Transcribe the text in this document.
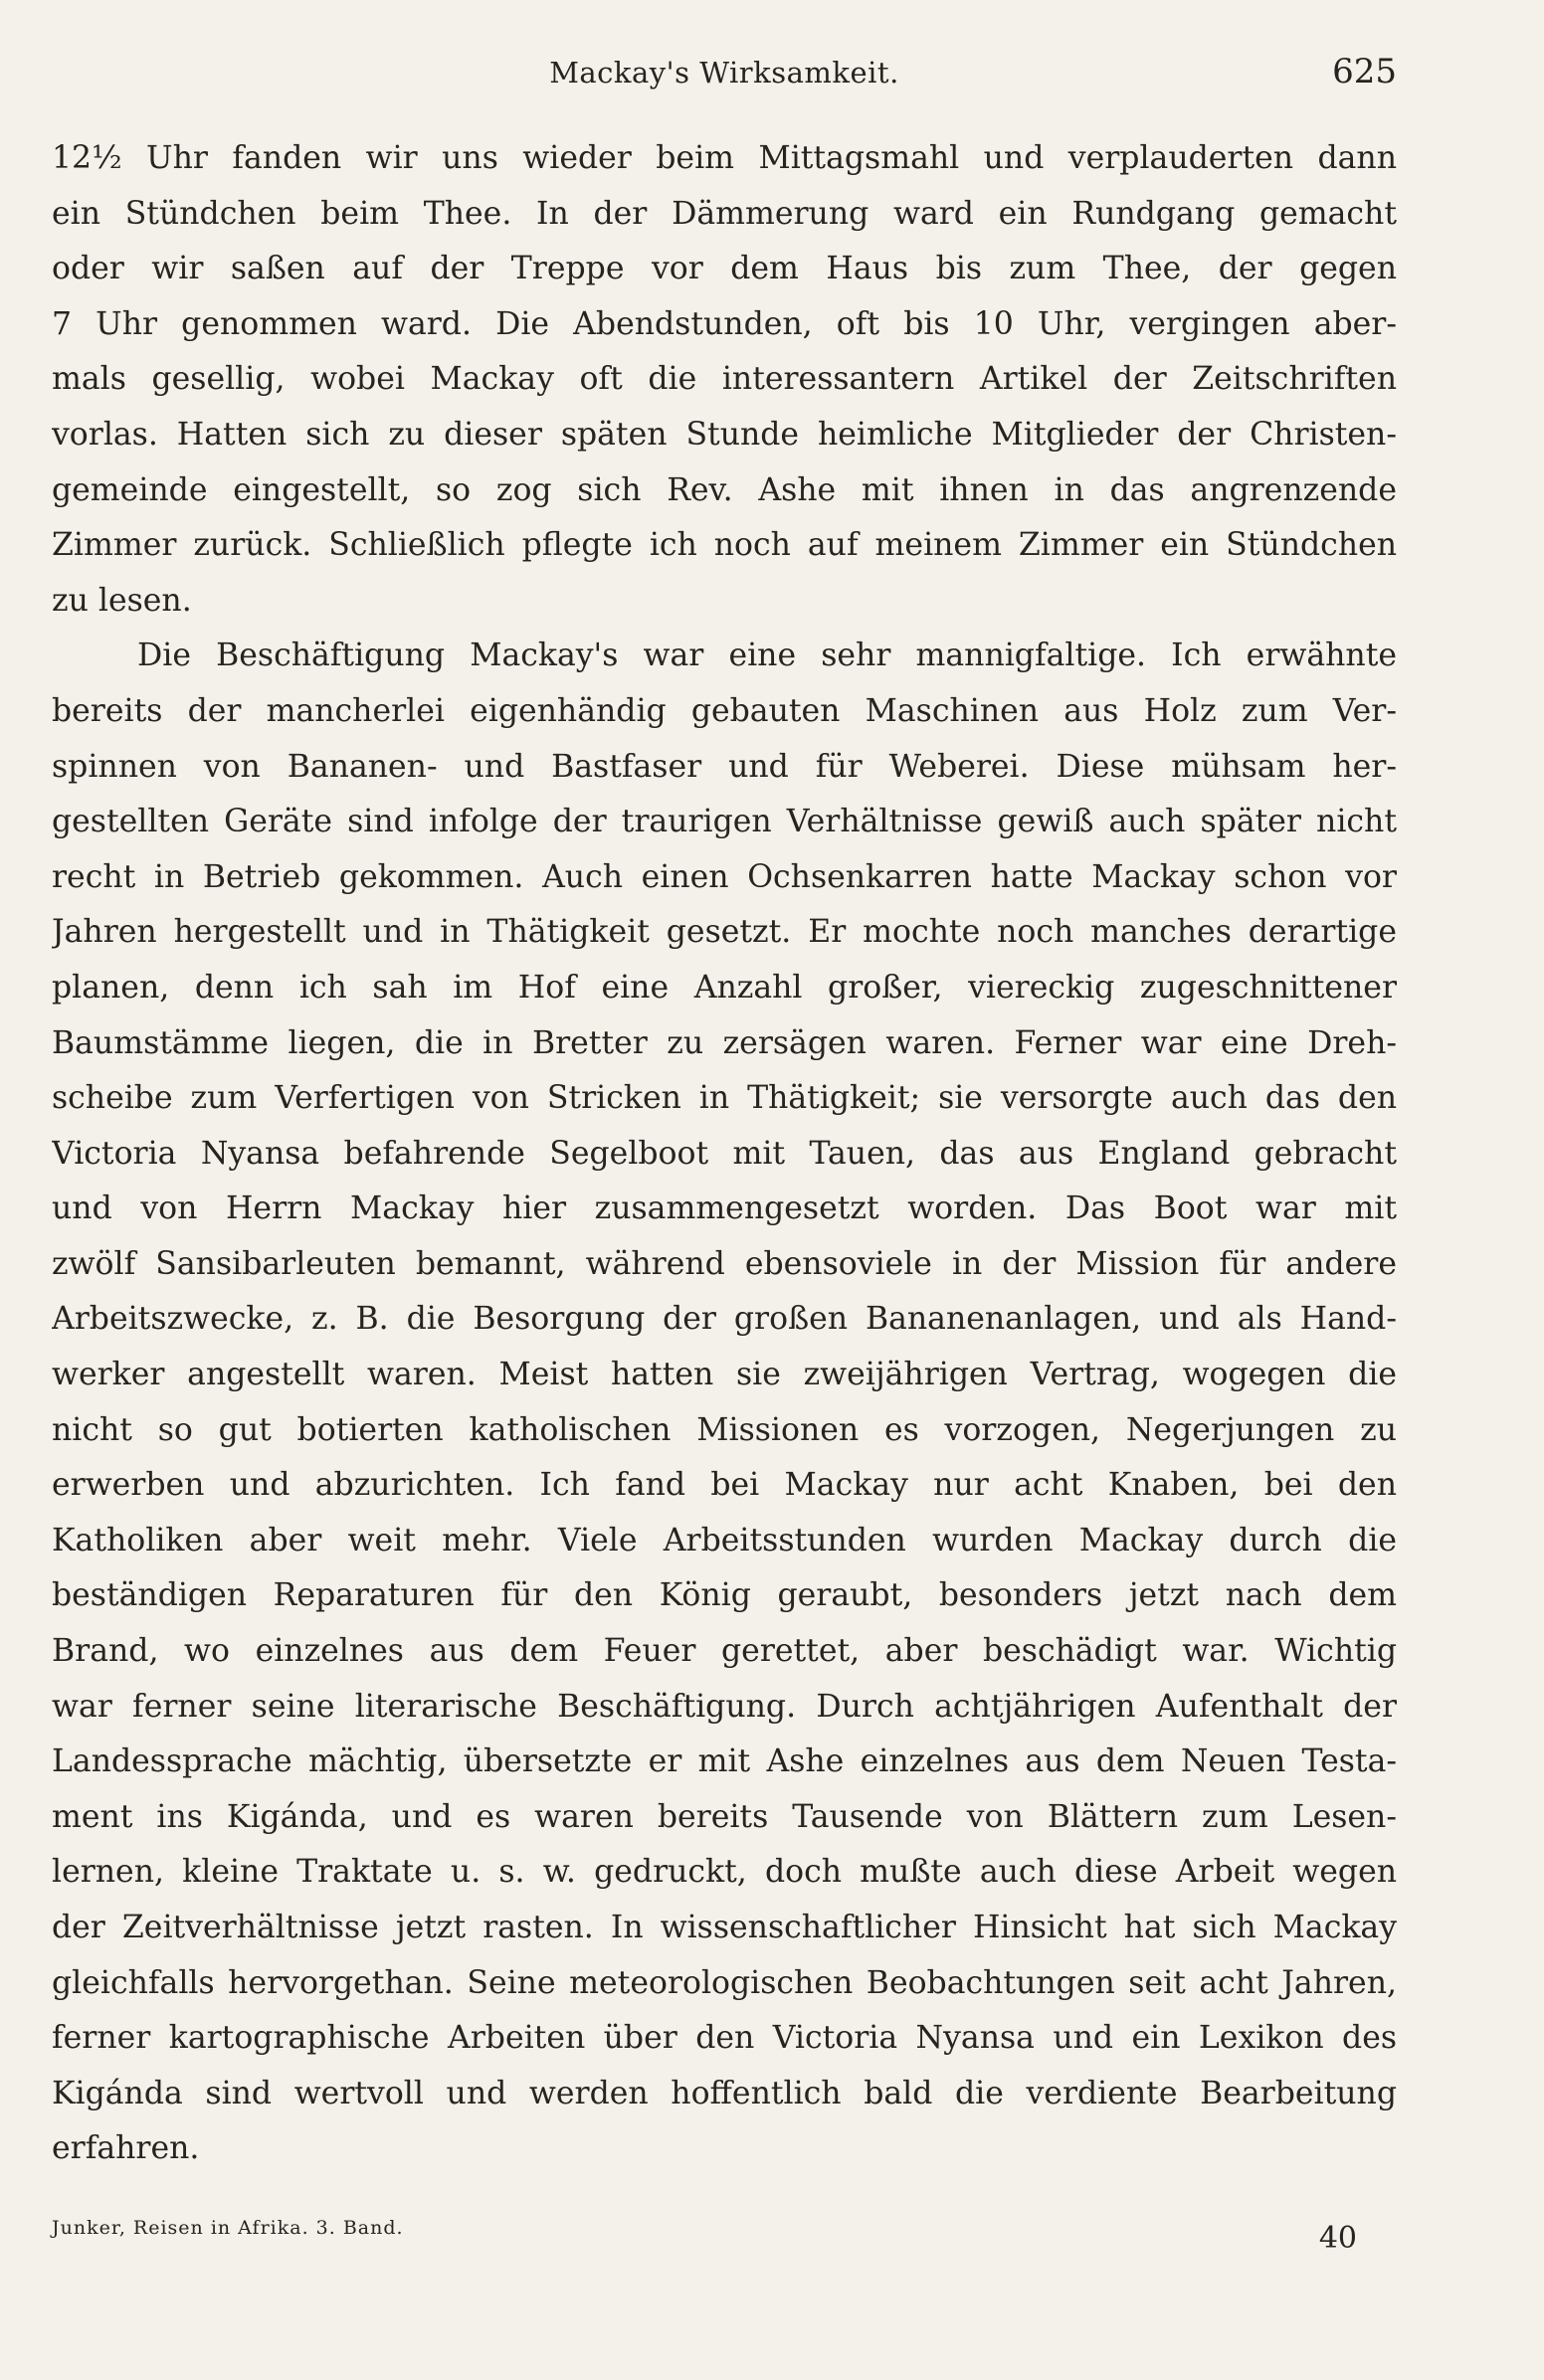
Mackay's Wirksamkeit.	625
12½ Uhr fanden wir uns wieder beim Mittagsmahl und verplauderten dann
ein Stündchen beim Thee. In der Dämmerung ward ein Rundgang gemacht
oder wir saßen auf der Treppe vor dem Haus bis zum Thee, der gegen
7 Uhr genommen ward. Die Abendstunden, oft bis 10 Uhr, vergingen aber-
mals gesellig, wobei Mackay oft die interessantern Artikel der Zeitschriften
vorlas. Hatten sich zu dieser späten Stunde heimliche Mitglieder der Christen-
gemeinde eingestellt, so zog sich Rev. Ashe mit ihnen in das angrenzende
Zimmer zurück. Schließlich pflegte ich noch auf meinem Zimmer ein Stündchen
zu lesen.
Die Beschäftigung Mackay's war eine sehr mannigfaltige. Ich erwähnte
bereits der mancherlei eigenhändig gebauten Maschinen aus Holz zum Ver-
spinnen von Bananen- und Bastfaser und für Weberei. Diese mühsam her-
gestellten Geräte sind infolge der traurigen Verhältnisse gewiß auch später nicht
recht in Betrieb gekommen. Auch einen Ochsenkarren hatte Mackay schon vor
Jahren hergestellt und in Thätigkeit gesetzt. Er mochte noch manches derartige
planen, denn ich sah im Hof eine Anzahl großer, viereckig zugeschnittener
Baumstämme liegen, die in Bretter zu zersägen waren. Ferner war eine Dreh-
scheibe zum Verfertigen von Stricken in Thätigkeit; sie versorgte auch das den
Victoria Nyansa befahrende Segelboot mit Tauen, das aus England gebracht
und von Herrn Mackay hier zusammengesetzt worden. Das Boot war mit
zwölf Sansibarleuten bemannt, während ebensoviele in der Mission für andere
Arbeitszwecke, z. B. die Besorgung der großen Bananenanlagen, und als Hand-
werker angestellt waren. Meist hatten sie zweijährigen Vertrag, wogegen die
nicht so gut botierten katholischen Missionen es vorzogen, Negerjungen zu
erwerben und abzurichten. Ich fand bei Mackay nur acht Knaben, bei den
Katholiken aber weit mehr. Viele Arbeitsstunden wurden Mackay durch die
beständigen Reparaturen für den König geraubt, besonders jetzt nach dem
Brand, wo einzelnes aus dem Feuer gerettet, aber beschädigt war. Wichtig
war ferner seine literarische Beschäftigung. Durch achtjährigen Aufenthalt der
Landessprache mächtig, übersetzte er mit Ashe einzelnes aus dem Neuen Testa-
ment ins Kigánda, und es waren bereits Tausende von Blättern zum Lesen-
lernen, kleine Traktate u. s. w. gedruckt, doch mußte auch diese Arbeit wegen
der Zeitverhältnisse jetzt rasten. In wissenschaftlicher Hinsicht hat sich Mackay
gleichfalls hervorgethan. Seine meteorologischen Beobachtungen seit acht Jahren,
ferner kartographische Arbeiten über den Victoria Nyansa und ein Lexikon des
Kigánda sind wertvoll und werden hoffentlich bald die verdiente Bearbeitung
erfahren.
Junker, Reisen in Afrika. 3. Band.	40
